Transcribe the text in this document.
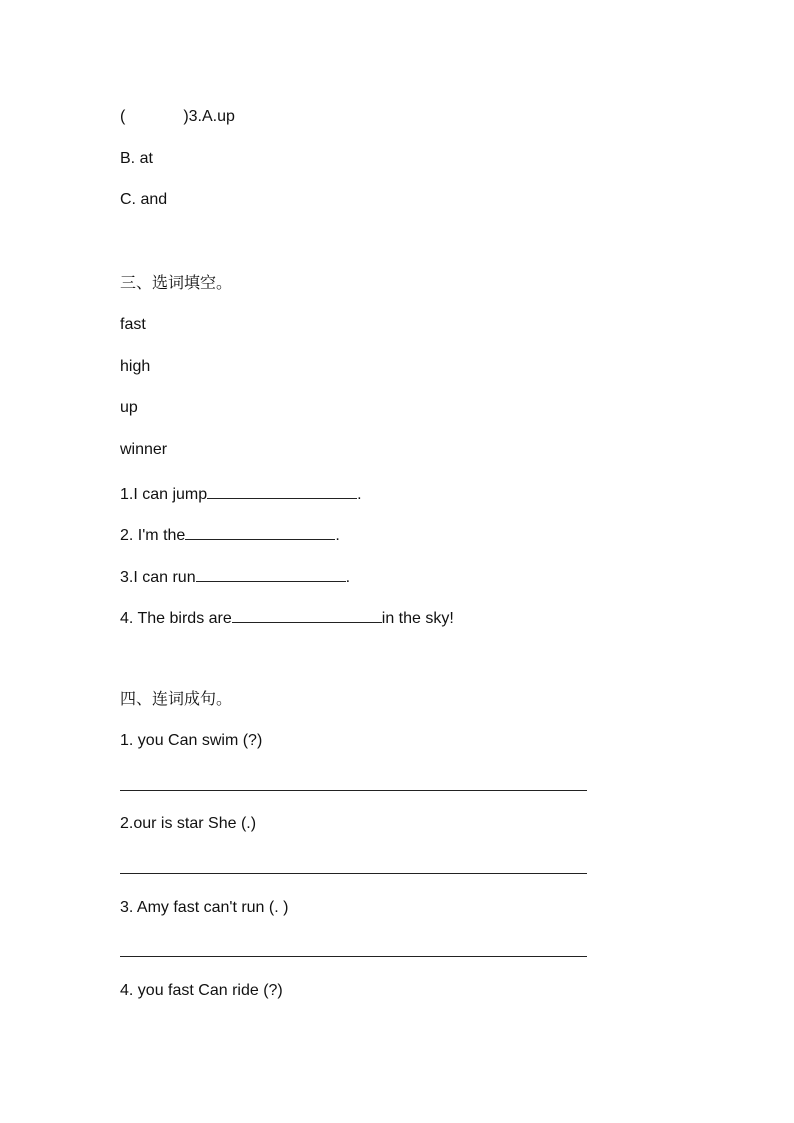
(	)3.A.up
B. at
C. and
三、选词填空。
fast
high
up
winner
1.I can jump	.
2. I'm the	.
3.I can run	.
4. The birds are	in the sky!
四、连词成句。
1. you Can swim (?)
2.our is star She (.)
3. Amy fast can't run (. )
4. you fast Can ride (?)
